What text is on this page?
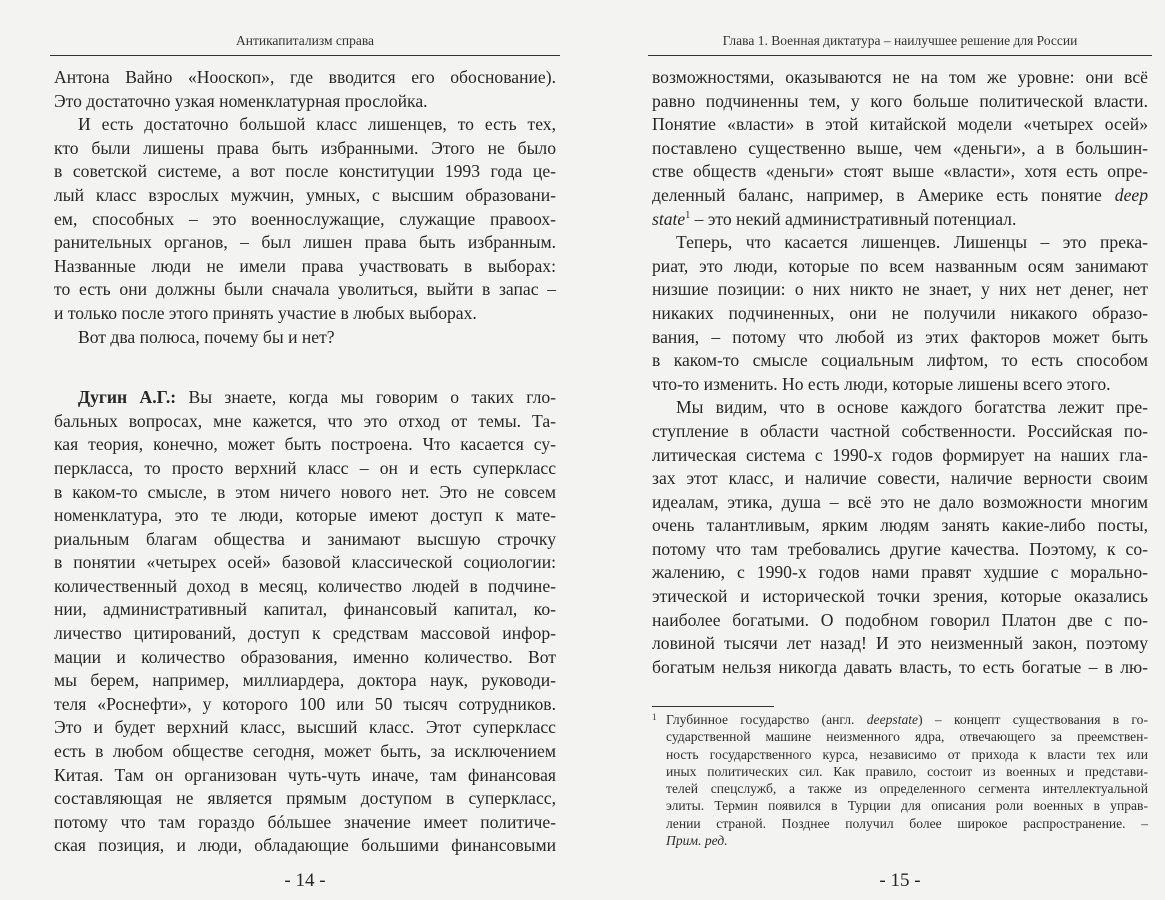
Антикапитализм справа
Антона Вайно «Нооскоп», где вводится его обоснование).
Это достаточно узкая номенклатурная прослойка.
И есть достаточно большой класс лишенцев, то есть тех,
кто были лишены права быть избранными. Этого не было
в советской системе, а вот после конституции 1993 года це-
лый класс взрослых мужчин, умных, с высшим образовани-
ем, способных – это военнослужащие, служащие правоох-
ранительных органов, – был лишен права быть избранным.
Названные люди не имели права участвовать в выборах:
то есть они должны были сначала уволиться, выйти в запас –
и только после этого принять участие в любых выборах.
Вот два полюса, почему бы и нет?
Дугин А.Г.: Вы знаете, когда мы говорим о таких гло-
бальных вопросах, мне кажется, что это отход от темы. Та-
кая теория, конечно, может быть построена. Что касается су-
перкласса, то просто верхний класс – он и есть суперкласс
в каком-то смысле, в этом ничего нового нет. Это не совсем
номенклатура, это те люди, которые имеют доступ к мате-
риальным благам общества и занимают высшую строчку
в понятии «четырех осей» базовой классической социологии:
количественный доход в месяц, количество людей в подчине-
нии, административный капитал, финансовый капитал, ко-
личество цитирований, доступ к средствам массовой инфор-
мации и количество образования, именно количество. Вот
мы берем, например, миллиардера, доктора наук, руководи-
теля «Роснефти», у которого 100 или 50 тысяч сотрудников.
Это и будет верхний класс, высший класс. Этот суперкласс
есть в любом обществе сегодня, может быть, за исключением
Китая. Там он организован чуть-чуть иначе, там финансовая
составляющая не является прямым доступом в суперкласс,
потому что там гораздо бóльшее значение имеет политиче-
ская позиция, и люди, обладающие большими финансовыми
- 14 -
Глава 1. Военная диктатура – наилучшее решение для России
возможностями, оказываются не на том же уровне: они всё
равно подчиненны тем, у кого больше политической власти.
Понятие «власти» в этой китайской модели «четырех осей»
поставлено существенно выше, чем «деньги», а в большин-
стве обществ «деньги» стоят выше «власти», хотя есть опре-
деленный баланс, например, в Америке есть понятие deep
state$^1$ – это некий административный потенциал.
Теперь, что касается лишенцев. Лишенцы – это прека-
риат, это люди, которые по всем названным осям занимают
низшие позиции: о них никто не знает, у них нет денег, нет
никаких подчиненных, они не получили никакого образо-
вания, – потому что любой из этих факторов может быть
в каком-то смысле социальным лифтом, то есть способом
что-то изменить. Но есть люди, которые лишены всего этого.
Мы видим, что в основе каждого богатства лежит пре-
ступление в области частной собственности. Российская по-
литическая система с 1990-х годов формирует на наших гла-
зах этот класс, и наличие совести, наличие верности своим
идеалам, этика, душа – всё это не дало возможности многим
очень талантливым, ярким людям занять какие-либо посты,
потому что там требовались другие качества. Поэтому, к со-
жалению, с 1990-х годов нами правят худшие с морально-
этической и исторической точки зрения, которые оказались
наиболее богатыми. О подобном говорил Платон две с по-
ловиной тысячи лет назад! И это неизменный закон, поэтому
богатым нельзя никогда давать власть, то есть богатые – в лю-
1 Глубинное государство (англ. deepstate) – концепт существования в го-
сударственной машине неизменного ядра, отвечающего за преемствен-
ность государственного курса, независимо от прихода к власти тех или
иных политических сил. Как правило, состоит из военных и представи-
телей спецслужб, а также из определенного сегмента интеллектуальной
элиты. Термин появился в Турции для описания роли военных в управ-
лении страной. Позднее получил более широкое распространение. –
Прим. ред.
- 15 -
